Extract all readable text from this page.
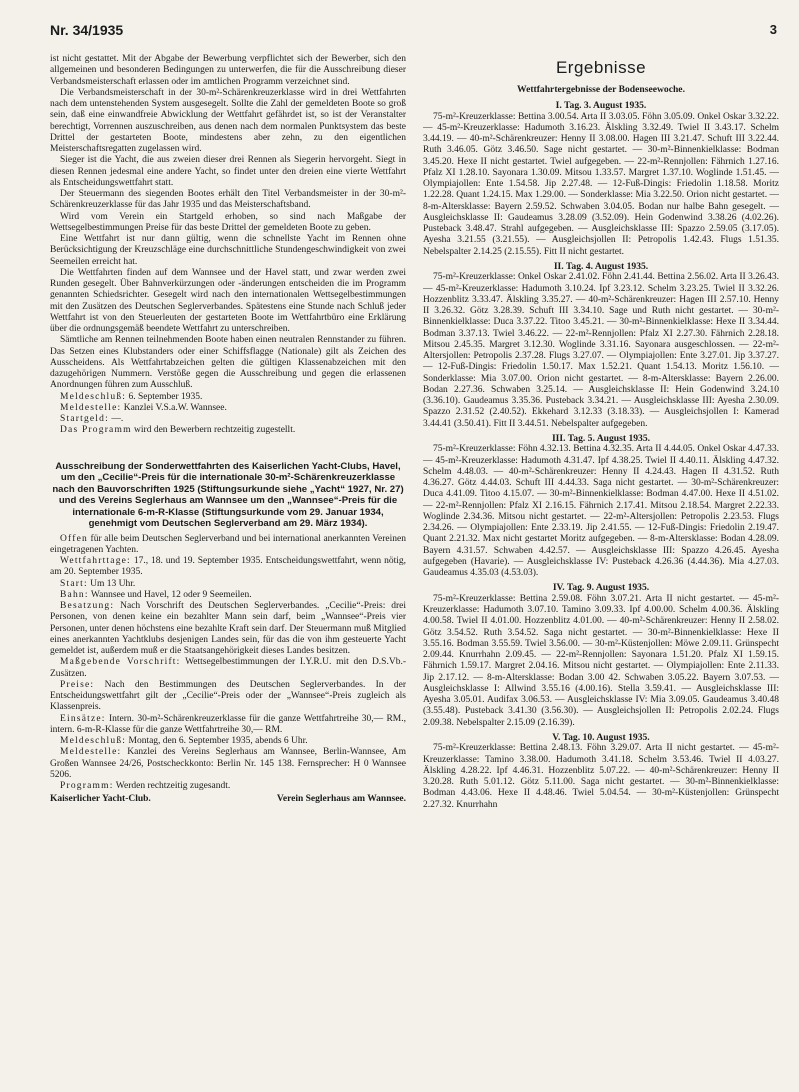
Nr. 34/1935	3

ist nicht gestattet. Mit der Abgabe der Bewerbung verpflichtet sich der Bewerber, sich den allgemeinen und besonderen Bedingungen zu unterwerfen, die für die Ausschreibung dieser Verbandsmeisterschaft erlassen oder im amtlichen Programm verzeichnet sind.

Die Verbandsmeisterschaft in der 30-m²-Schärenkreuzerklasse wird in drei Wettfahrten nach dem untenstehenden System ausgesegelt. Sollte die Zahl der gemeldeten Boote so groß sein, daß eine einwandfreie Abwicklung der Wettfahrt gefährdet ist, so ist der Veranstalter berechtigt, Vorrennen auszuschreiben, aus denen nach dem normalen Punktsystem das beste Drittel der gestarteten Boote, mindestens aber zehn, zu den eigentlichen Meisterschaftsregatten zugelassen wird.

Sieger ist die Yacht, die aus zweien dieser drei Rennen als Siegerin hervorgeht. Siegt in diesen Rennen jedesmal eine andere Yacht, so findet unter den dreien eine vierte Wettfahrt als Entscheidungswettfahrt statt.

Der Steuermann des siegenden Bootes erhält den Titel Verbandsmeister in der 30-m²-Schärenkreuzerklasse für das Jahr 1935 und das Meisterschaftsband.

Wird vom Verein ein Startgeld erhoben, so sind nach Maßgabe der Wettsegelbestimmungen Preise für das beste Drittel der gemeldeten Boote zu geben.

Eine Wettfahrt ist nur dann gültig, wenn die schnellste Yacht im Rennen ohne Berücksichtigung der Kreuzschläge eine durchschnittliche Stundengeschwindigkeit von zwei Seemeilen erreicht hat.

Die Wettfahrten finden auf dem Wannsee und der Havel statt, und zwar werden zwei Runden gesegelt. Über Bahnverkürzungen oder -änderungen entscheiden die im Programm genannten Schiedsrichter. Gesegelt wird nach den internationalen Wettsegelbestimmungen mit den Zusätzen des Deutschen Seglerverbandes. Spätestens eine Stunde nach Schluß jeder Wettfahrt ist von den Steuerleuten der gestarteten Boote im Wettfahrtbüro eine Erklärung über die ordnungsgemäß beendete Wettfahrt zu unterschreiben.

Sämtliche am Rennen teilnehmenden Boote haben einen neutralen Rennstander zu führen. Das Setzen eines Klubstanders oder einer Schiffsflagge (Nationale) gilt als Zeichen des Ausscheidens. Als Wettfahrtabzeichen gelten die gültigen Klassenabzeichen mit den dazugehörigen Nummern. Verstöße gegen die Ausschreibung und gegen die erlassenen Anordnungen führen zum Ausschluß.

Meldeschluß: 6. September 1935.

Meldestelle: Kanzlei V.S.a.W. Wannsee.

Startgeld: —.

Das Programm wird den Bewerbern rechtzeitig zugestellt.

Ausschreibung der Sonderwettfahrten des Kaiserlichen Yacht-Clubs, Havel, um den „Cecilie“-Preis für die internationale 30-m²-Schärenkreuzerklasse nach den Bauvorschriften 1925 (Stiftungsurkunde siehe „Yacht“ 1927, Nr. 27) und des Vereins Seglerhaus am Wannsee um den „Wannsee“-Preis für die internationale 6-m-R-Klasse (Stiftungsurkunde vom 29. Januar 1934, genehmigt vom Deutschen Seglerverband am 29. März 1934).

Offen für alle beim Deutschen Seglerverband und bei international anerkannten Vereinen eingetragenen Yachten.

Wettfahrttage: 17., 18. und 19. September 1935. Entscheidungswettfahrt, wenn nötig, am 20. September 1935.

Start: Um 13 Uhr.

Bahn: Wannsee und Havel, 12 oder 9 Seemeilen.

Besatzung: Nach Vorschrift des Deutschen Seglerverbandes. „Cecilie“-Preis: drei Personen, von denen keine ein bezahlter Mann sein darf, beim „Wannsee“-Preis vier Personen, unter denen höchstens eine bezahlte Kraft sein darf. Der Steuermann muß Mitglied eines anerkannten Yachtklubs desjenigen Landes sein, für das die von ihm gesteuerte Yacht gemeldet ist, außerdem muß er die Staatsangehörigkeit dieses Landes besitzen.

Maßgebende Vorschrift: Wettsegelbestimmungen der I.Y.R.U. mit den D.S.Vb.-Zusätzen.

Preise: Nach den Bestimmungen des Deutschen Seglerverbandes. In der Entscheidungswettfahrt gilt der „Cecilie“-Preis oder der „Wannsee“-Preis zugleich als Klassenpreis.

Einsätze: Intern. 30-m²-Schärenkreuzerklasse für die ganze Wettfahrtreihe 30,— RM., intern. 6-m-R-Klasse für die ganze Wettfahrtreihe 30,— RM.

Meldeschluß: Montag, den 6. September 1935, abends 6 Uhr.

Meldestelle: Kanzlei des Vereins Seglerhaus am Wannsee, Berlin-Wannsee, Am Großen Wannsee 24/26, Postscheckkonto: Berlin Nr. 145 138. Fernsprecher: H 0 Wannsee 5206.

Programm: Werden rechtzeitig zugesandt.

Kaiserlicher Yacht-Club.	Verein Seglerhaus am Wannsee.
Ergebnisse
Wettfahrtergebnisse der Bodenseewoche.
I. Tag. 3. August 1935.

75-m²-Kreuzerklasse: Bettina 3.00.54. Arta II 3.03.05. Föhn 3.05.09. Onkel Oskar 3.32.22. — 45-m²-Kreuzerklasse: Hadumoth 3.16.23. Älskling 3.32.49. Twiel II 3.43.17. Schelm 3.44.19. — 40-m²-Schärenkreuzer: Henny II 3.08.00. Hagen III 3.21.47. Schuft III 3.22.44. Ruth 3.46.05. Götz 3.46.50. Sage nicht gestartet. — 30-m²-Binnenkielklasse: Bodman 3.45.20. Hexe II nicht gestartet. Twiel aufgegeben. — 22-m²-Rennjollen: Fährnich 1.27.16. Pfalz XI 1.28.10. Sayonara 1.30.09. Mitsou 1.33.57. Margret 1.37.10. Woglinde 1.51.45. — Olympiajollen: Ente 1.54.58. Jip 2.27.48. — 12-Fuß-Dingis: Friedolin 1.18.58. Moritz 1.22.28. Quant 1.24.15. Max 1.29.00. — Sonderklasse: Mia 3.22.50. Orion nicht gestartet. — 8-m-Altersklasse: Bayern 2.59.52. Schwaben 3.04.05. Bodan nur halbe Bahn gesegelt. — Ausgleichsklasse II: Gaudeamus 3.28.09 (3.52.09). Hein Godenwind 3.38.26 (4.02.26). Pusteback 3.48.47. Strahl aufgegeben. — Ausgleichsklasse III: Spazzo 2.59.05 (3.17.05). Ayesha 3.21.55 (3.21.55). — Ausgleichsjollen II: Petropolis 1.42.43. Flugs 1.51.35. Nebelspalter 2.14.25 (2.15.55). Fitt II nicht gestartet.

II. Tag. 4. August 1935.

75-m²-Kreuzerklasse: Onkel Oskar 2.41.02. Föhn 2.41.44. Bettina 2.56.02. Arta II 3.26.43. — 45-m²-Kreuzerklasse: Hadumoth 3.10.24. Ipf 3.23.12. Schelm 3.23.25. Twiel II 3.32.26. Hozzenblitz 3.33.47. Älskling 3.35.27. — 40-m²-Schärenkreuzer: Hagen III 2.57.10. Henny II 3.26.32. Götz 3.28.39. Schuft III 3.34.10. Sage und Ruth nicht gestartet. — 30-m²-Binnenkielklasse: Duca 3.37.22. Titoo 3.45.21. — 30-m²-Binnenkielklasse: Hexe II 3.34.44. Bodman 3.37.13. Twiel 3.46.22. — 22-m²-Rennjollen: Pfalz XI 2.27.30. Fährnich 2.28.18. Mitsou 2.45.35. Margret 3.12.30. Woglinde 3.31.16. Sayonara ausgeschlossen. — 22-m²-Altersjollen: Petropolis 2.37.28. Flugs 3.27.07. — Olympiajollen: Ente 3.27.01. Jip 3.37.27. — 12-Fuß-Dingis: Friedolin 1.50.17. Max 1.52.21. Quant 1.54.13. Moritz 1.56.10. — Sonderklasse: Mia 3.07.00. Orion nicht gestartet. — 8-m-Altersklasse: Bayern 2.26.00. Bodan 2.27.36. Schwaben 3.25.14. — Ausgleichsklasse II: Hein Godenwind 3.24.10 (3.36.10). Gaudeamus 3.35.36. Pusteback 3.34.21. — Ausgleichsklasse III: Ayesha 2.30.09. Spazzo 2.31.52 (2.40.52). Ekkehard 3.12.33 (3.18.33). — Ausgleichsjollen I: Kamerad 3.44.41 (3.50.41). Fitt II 3.44.51. Nebelspalter aufgegeben.

III. Tag. 5. August 1935.

75-m²-Kreuzerklasse: Föhn 4.32.13. Bettina 4.32.35. Arta II 4.44.05. Onkel Oskar 4.47.33. — 45-m²-Kreuzerklasse: Hadumoth 4.31.47. Ipf 4.38.25. Twiel II 4.40.11. Älskling 4.47.32. Schelm 4.48.03. — 40-m²-Schärenkreuzer: Henny II 4.24.43. Hagen II 4.31.52. Ruth 4.36.27. Götz 4.44.03. Schuft III 4.44.33. Saga nicht gestartet. — 30-m²-Schärenkreuzer: Duca 4.41.09. Titoo 4.15.07. — 30-m²-Binnenkielklasse: Bodman 4.47.00. Hexe II 4.51.02. — 22-m²-Rennjollen: Pfalz XI 2.16.15. Fährnich 2.17.41. Mitsou 2.18.54. Margret 2.22.33. Woglinde 2.34.36. Mitsou nicht gestartet. — 22-m²-Altersjollen: Petropolis 2.23.53. Flugs 2.34.26. — Olympiajollen: Ente 2.33.19. Jip 2.41.55. — 12-Fuß-Dingis: Friedolin 2.19.47. Quant 2.21.32. Max nicht gestartet Moritz aufgegeben. — 8-m-Altersklasse: Bodan 4.28.09. Bayern 4.31.57. Schwaben 4.42.57. — Ausgleichsklasse III: Spazzo 4.26.45. Ayesha aufgegeben (Havarie). — Ausgleichsklasse IV: Pusteback 4.26.36 (4.44.36). Mia 4.27.03. Gaudeamus 4.35.03 (4.53.03).

IV. Tag. 9. August 1935.

75-m²-Kreuzerklasse: Bettina 2.59.08. Föhn 3.07.21. Arta II nicht gestartet. — 45-m²-Kreuzerklasse: Hadumoth 3.07.10. Tamino 3.09.33. Ipf 4.00.00. Schelm 4.00.36. Älskling 4.00.58. Twiel II 4.01.00. Hozzenblitz 4.01.00. — 40-m²-Schärenkreuzer: Henny II 2.58.02. Götz 3.54.52. Ruth 3.54.52. Saga nicht gestartet. — 30-m²-Binnenkielklasse: Hexe II 3.55.16. Bodman 3.55.59. Twiel 3.56.00. — 30-m²-Küstenjollen: Möwe 2.09.11. Grünspecht 2.09.44. Knurrhahn 2.09.45. — 22-m²-Rennjollen: Sayonara 1.51.20. Pfalz XI 1.59.15. Fährnich 1.59.17. Margret 2.04.16. Mitsou nicht gestartet. — Olympiajollen: Ente 2.11.33. Jip 2.17.12. — 8-m-Altersklasse: Bodan 3.00 42. Schwaben 3.05.22. Bayern 3.07.53. — Ausgleichsklasse I: Allwind 3.55.16 (4.00.16). Stella 3.59.41. — Ausgleichsklasse III: Ayesha 3.05.01. Audifax 3.06.53. — Ausgleichsklasse IV: Mia 3.09.05. Gaudeamus 3.40.48 (3.55.48). Pusteback 3.41.30 (3.56.30). — Ausgleichsjollen II: Petropolis 2.02.24. Flugs 2.09.38. Nebelspalter 2.15.09 (2.16.39).

V. Tag. 10. August 1935.

75-m²-Kreuzerklasse: Bettina 2.48.13. Föhn 3.29.07. Arta II nicht gestartet. — 45-m²-Kreuzerklasse: Tamino 3.38.00. Hadumoth 3.41.18. Schelm 3.53.46. Twiel II 4.03.27. Älskling 4.28.22. Ipf 4.46.31. Hozzenblitz 5.07.22. — 40-m²-Schärenkreuzer: Henny II 3.20.28. Ruth 5.01.12. Götz 5.11.00. Saga nicht gestartet. — 30-m²-Binnenkielklasse: Bodman 4.43.06. Hexe II 4.48.46. Twiel 5.04.54. — 30-m²-Küstenjollen: Grünspecht 2.27.32. Knurrhahn
